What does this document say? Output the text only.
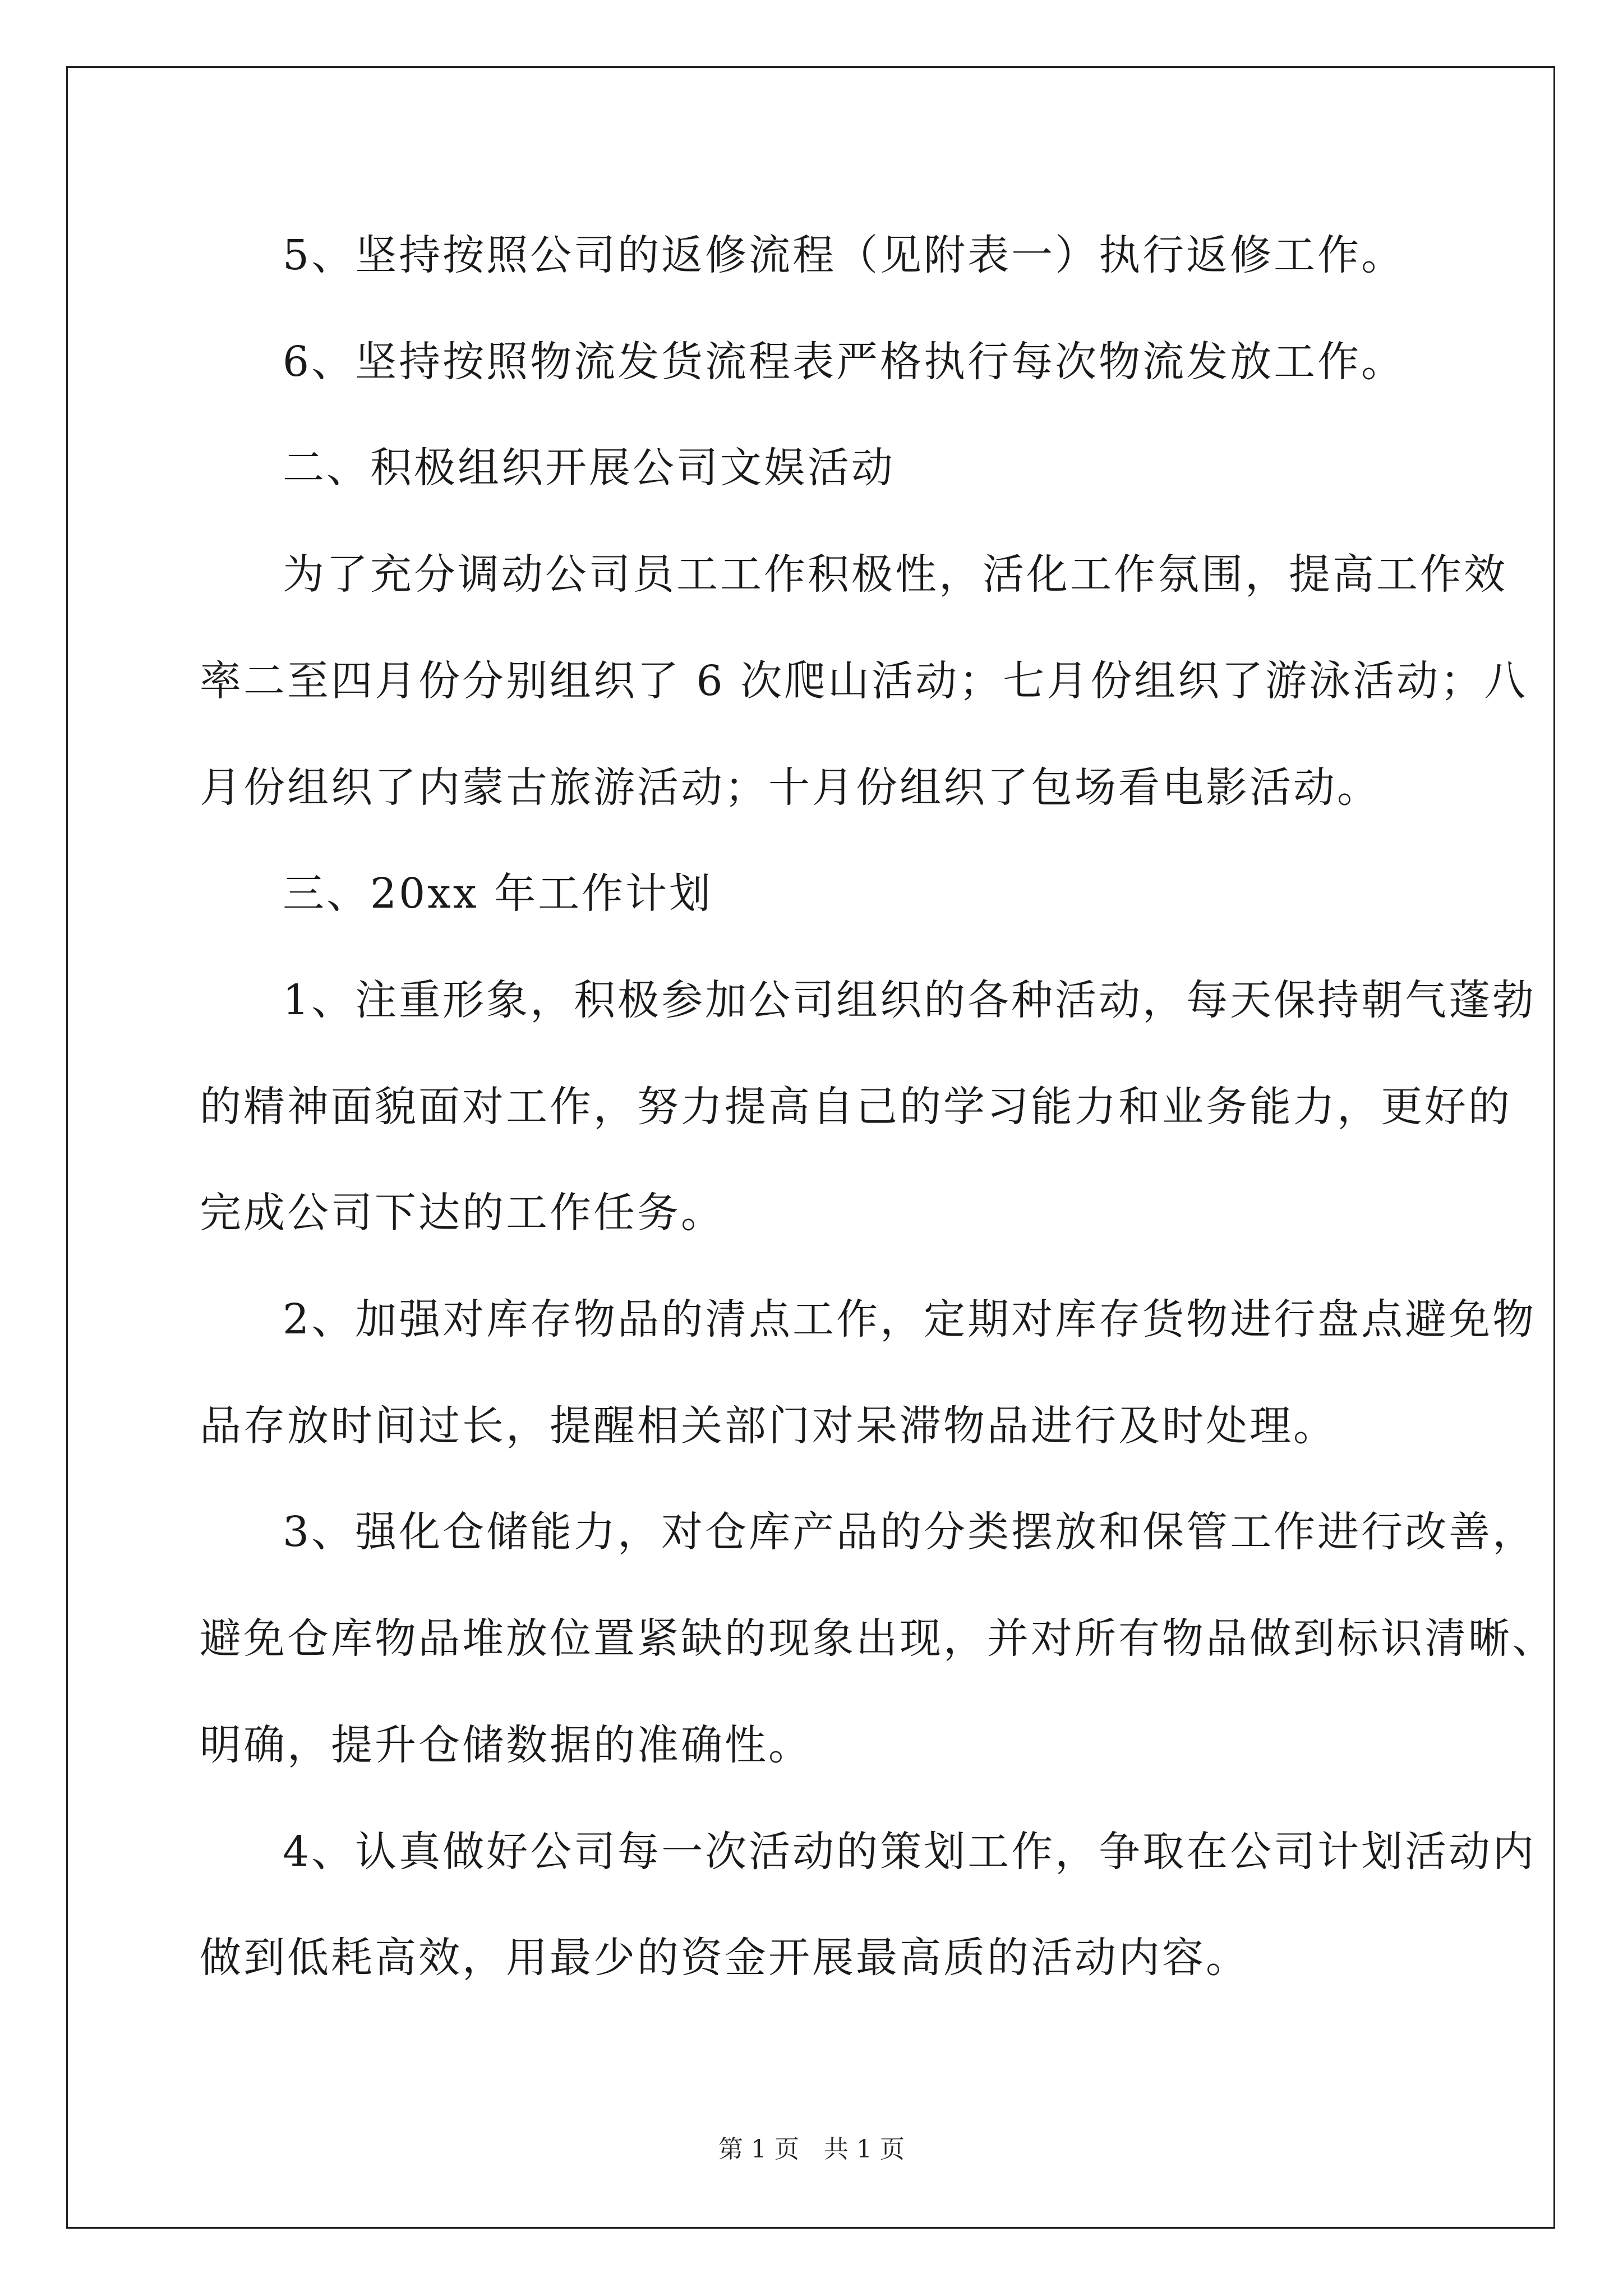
5、坚持按照公司的返修流程（见附表一）执行返修工作。

6、坚持按照物流发货流程表严格执行每次物流发放工作。

二、积极组织开展公司文娱活动

为了充分调动公司员工工作积极性，活化工作氛围，提高工作效

率二至四月份分别组织了 6 次爬山活动；七月份组织了游泳活动；八

月份组织了内蒙古旅游活动；十月份组织了包场看电影活动。

三、20xx 年工作计划

1、注重形象，积极参加公司组织的各种活动，每天保持朝气蓬勃

的精神面貌面对工作，努力提高自己的学习能力和业务能力，更好的

完成公司下达的工作任务。

2、加强对库存物品的清点工作，定期对库存货物进行盘点避免物

品存放时间过长，提醒相关部门对呆滞物品进行及时处理。

3、强化仓储能力，对仓库产品的分类摆放和保管工作进行改善，

避免仓库物品堆放位置紧缺的现象出现，并对所有物品做到标识清晰、

明确，提升仓储数据的准确性。

4、认真做好公司每一次活动的策划工作，争取在公司计划活动内

做到低耗高效，用最少的资金开展最高质的活动内容。

第 1 页　共 1 页
